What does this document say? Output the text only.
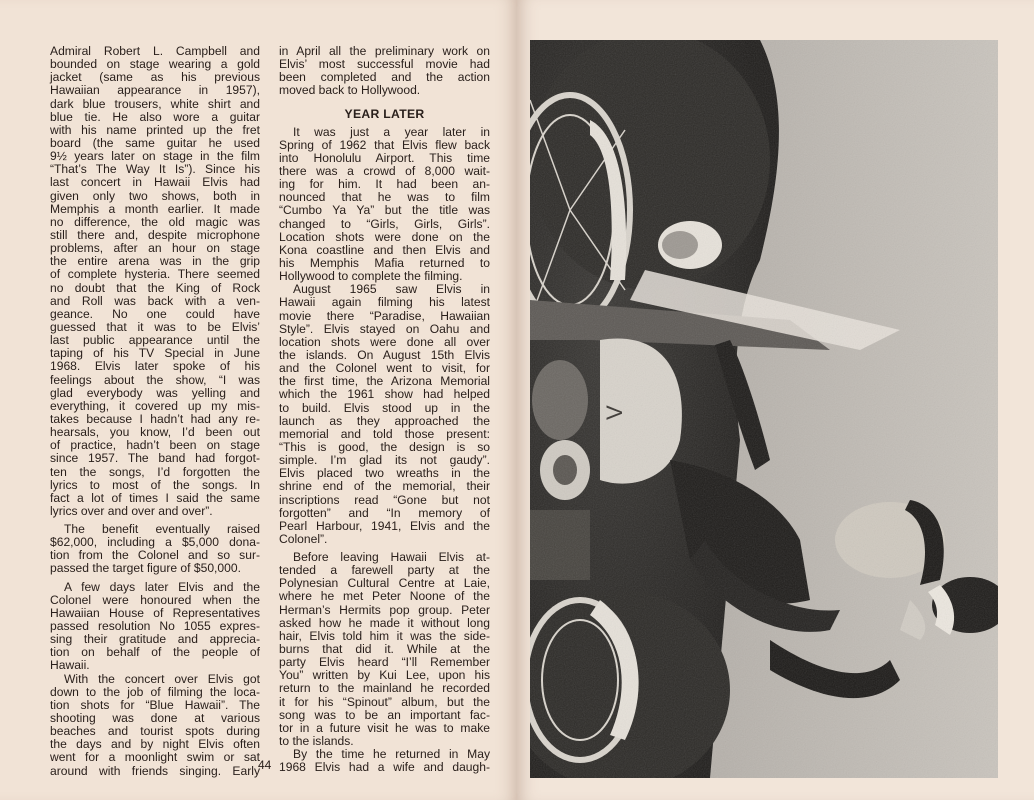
Admiral Robert L. Campbell and
bounded on stage wearing a gold
jacket (same as his previous
Hawaiian appearance in 1957),
dark blue trousers, white shirt and
blue tie. He also wore a guitar
with his name printed up the fret
board (the same guitar he used
9½ years later on stage in the film
“That’s The Way It Is”). Since his
last concert in Hawaii Elvis had
given only two shows, both in
Memphis a month earlier. It made
no difference, the old magic was
still there and, despite microphone
problems, after an hour on stage
the entire arena was in the grip
of complete hysteria. There seemed
no doubt that the King of Rock
and Roll was back with a ven-
geance. No one could have
guessed that it was to be Elvis’
last public appearance until the
taping of his TV Special in June
1968. Elvis later spoke of his
feelings about the show, “I was
glad everybody was yelling and
everything, it covered up my mis-
takes because I hadn’t had any re-
hearsals, you know, I’d been out
of practice, hadn’t been on stage
since 1957. The band had forgot-
ten the songs, I’d forgotten the
lyrics to most of the songs. In
fact a lot of times I said the same
lyrics over and over and over”.
The benefit eventually raised
$62,000, including a $5,000 dona-
tion from the Colonel and so sur-
passed the target figure of $50,000.
A few days later Elvis and the
Colonel were honoured when the
Hawaiian House of Representatives
passed resolution No 1055 expres-
sing their gratitude and apprecia-
tion on behalf of the people of
Hawaii.
With the concert over Elvis got
down to the job of filming the loca-
tion shots for “Blue Hawaii”. The
shooting was done at various
beaches and tourist spots during
the days and by night Elvis often
went for a moonlight swim or sat
around with friends singing. Early
in April all the preliminary work on
Elvis’ most successful movie had
been completed and the action
moved back to Hollywood.
YEAR LATER
It was just a year later in
Spring of 1962 that Elvis flew back
into Honolulu Airport. This time
there was a crowd of 8,000 wait-
ing for him. It had been an-
nounced that he was to film
“Cumbo Ya Ya” but the title was
changed to “Girls, Girls, Girls”.
Location shots were done on the
Kona coastline and then Elvis and
his Memphis Mafia returned to
Hollywood to complete the filming.
August 1965 saw Elvis in
Hawaii again filming his latest
movie there “Paradise, Hawaiian
Style”. Elvis stayed on Oahu and
location shots were done all over
the islands. On August 15th Elvis
and the Colonel went to visit, for
the first time, the Arizona Memorial
which the 1961 show had helped
to build. Elvis stood up in the
launch as they approached the
memorial and told those present:
“This is good, the design is so
simple. I’m glad its not gaudy”.
Elvis placed two wreaths in the
shrine end of the memorial, their
inscriptions read “Gone but not
forgotten” and “In memory of
Pearl Harbour, 1941, Elvis and the
Colonel”.
Before leaving Hawaii Elvis at-
tended a farewell party at the
Polynesian Cultural Centre at Laie,
where he met Peter Noone of the
Herman’s Hermits pop group. Peter
asked how he made it without long
hair, Elvis told him it was the side-
burns that did it. While at the
party Elvis heard “I’ll Remember
You” written by Kui Lee, upon his
return to the mainland he recorded
it for his “Spinout” album, but the
song was to be an important fac-
tor in a future visit he was to make
to the islands.
By the time he returned in May
1968 Elvis had a wife and daugh-
44
